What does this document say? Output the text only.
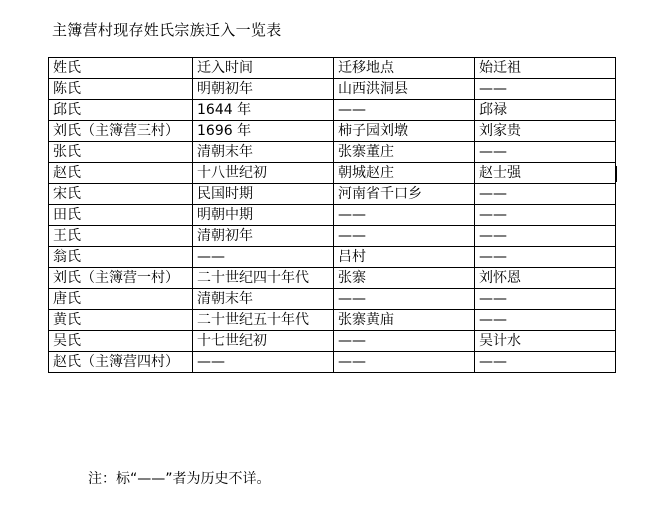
主簿营村现存姓氏宗族迁入一览表
姓氏	迁入时间	迁移地点	始迁祖
陈氏	明朝初年	山西洪洞县	——
邱氏	1644 年	——	邱禄
刘氏（主簿营三村）	1696 年	柿子园刘墩	刘家贵
张氏	清朝末年	张寨董庄	——
赵氏	十八世纪初	朝城赵庄	赵士强
宋氏	民国时期	河南省千口乡	——
田氏	明朝中期	——	——
王氏	清朝初年	——	——
翁氏	——	吕村	——
刘氏（主簿营一村）	二十世纪四十年代	张寨	刘怀恩
唐氏	清朝末年	——	——
黄氏	二十世纪五十年代	张寨黄庙	——
吴氏	十七世纪初	——	吴计水
赵氏（主簿营四村）	——	——	——
注：标“——”者为历史不详。
